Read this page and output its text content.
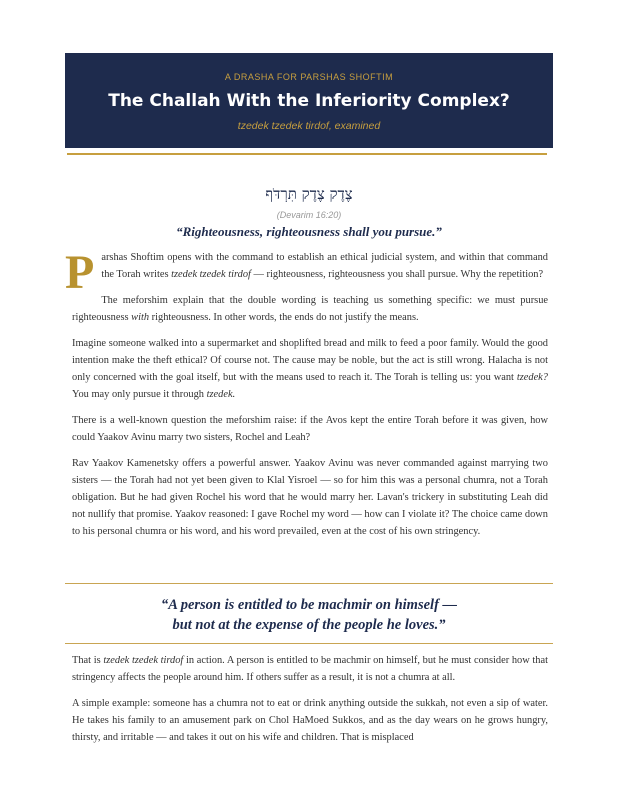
A DRASHA FOR PARSHAS SHOFTIM
The Challah With the Inferiority Complex?
tzedek tzedek tirdof, examined
צֶדֶק צֶדֶק תִּרְדֹּף
(Devarim 16:20)
“Righteousness, righteousness shall you pursue.”

Parshas Shoftim opens with the command to establish an ethical judicial system, and within that command the Torah writes tzedek tzedek tirdof — righteousness, righteousness you shall pursue. Why the repetition?

The meforshim explain that the double wording is teaching us something specific: we must pursue righteousness with righteousness. In other words, the ends do not justify the means.

Imagine someone walked into a supermarket and shoplifted bread and milk to feed a poor family. Would the good intention make the theft ethical? Of course not. The cause may be noble, but the act is still wrong. Halacha is not only concerned with the goal itself, but with the means used to reach it. The Torah is telling us: you want tzedek? You may only pursue it through tzedek.

There is a well-known question the meforshim raise: if the Avos kept the entire Torah before it was given, how could Yaakov Avinu marry two sisters, Rochel and Leah?

Rav Yaakov Kamenetsky offers a powerful answer. Yaakov Avinu was never commanded against marrying two sisters — the Torah had not yet been given to Klal Yisroel — so for him this was a personal chumra, not a Torah obligation. But he had given Rochel his word that he would marry her. Lavan's trickery in substituting Leah did not nullify that promise. Yaakov reasoned: I gave Rochel my word — how can I violate it? The choice came down to his personal chumra or his word, and his word prevailed, even at the cost of his own stringency.

“A person is entitled to be machmir on himself —
but not at the expense of the people he loves.”

That is tzedek tzedek tirdof in action. A person is entitled to be machmir on himself, but he must consider how that stringency affects the people around him. If others suffer as a result, it is not a chumra at all.

A simple example: someone has a chumra not to eat or drink anything outside the sukkah, not even a sip of water. He takes his family to an amusement park on Chol HaMoed Sukkos, and as the day wears on he grows hungry, thirsty, and irritable — and takes it out on his wife and children. That is misplaced
